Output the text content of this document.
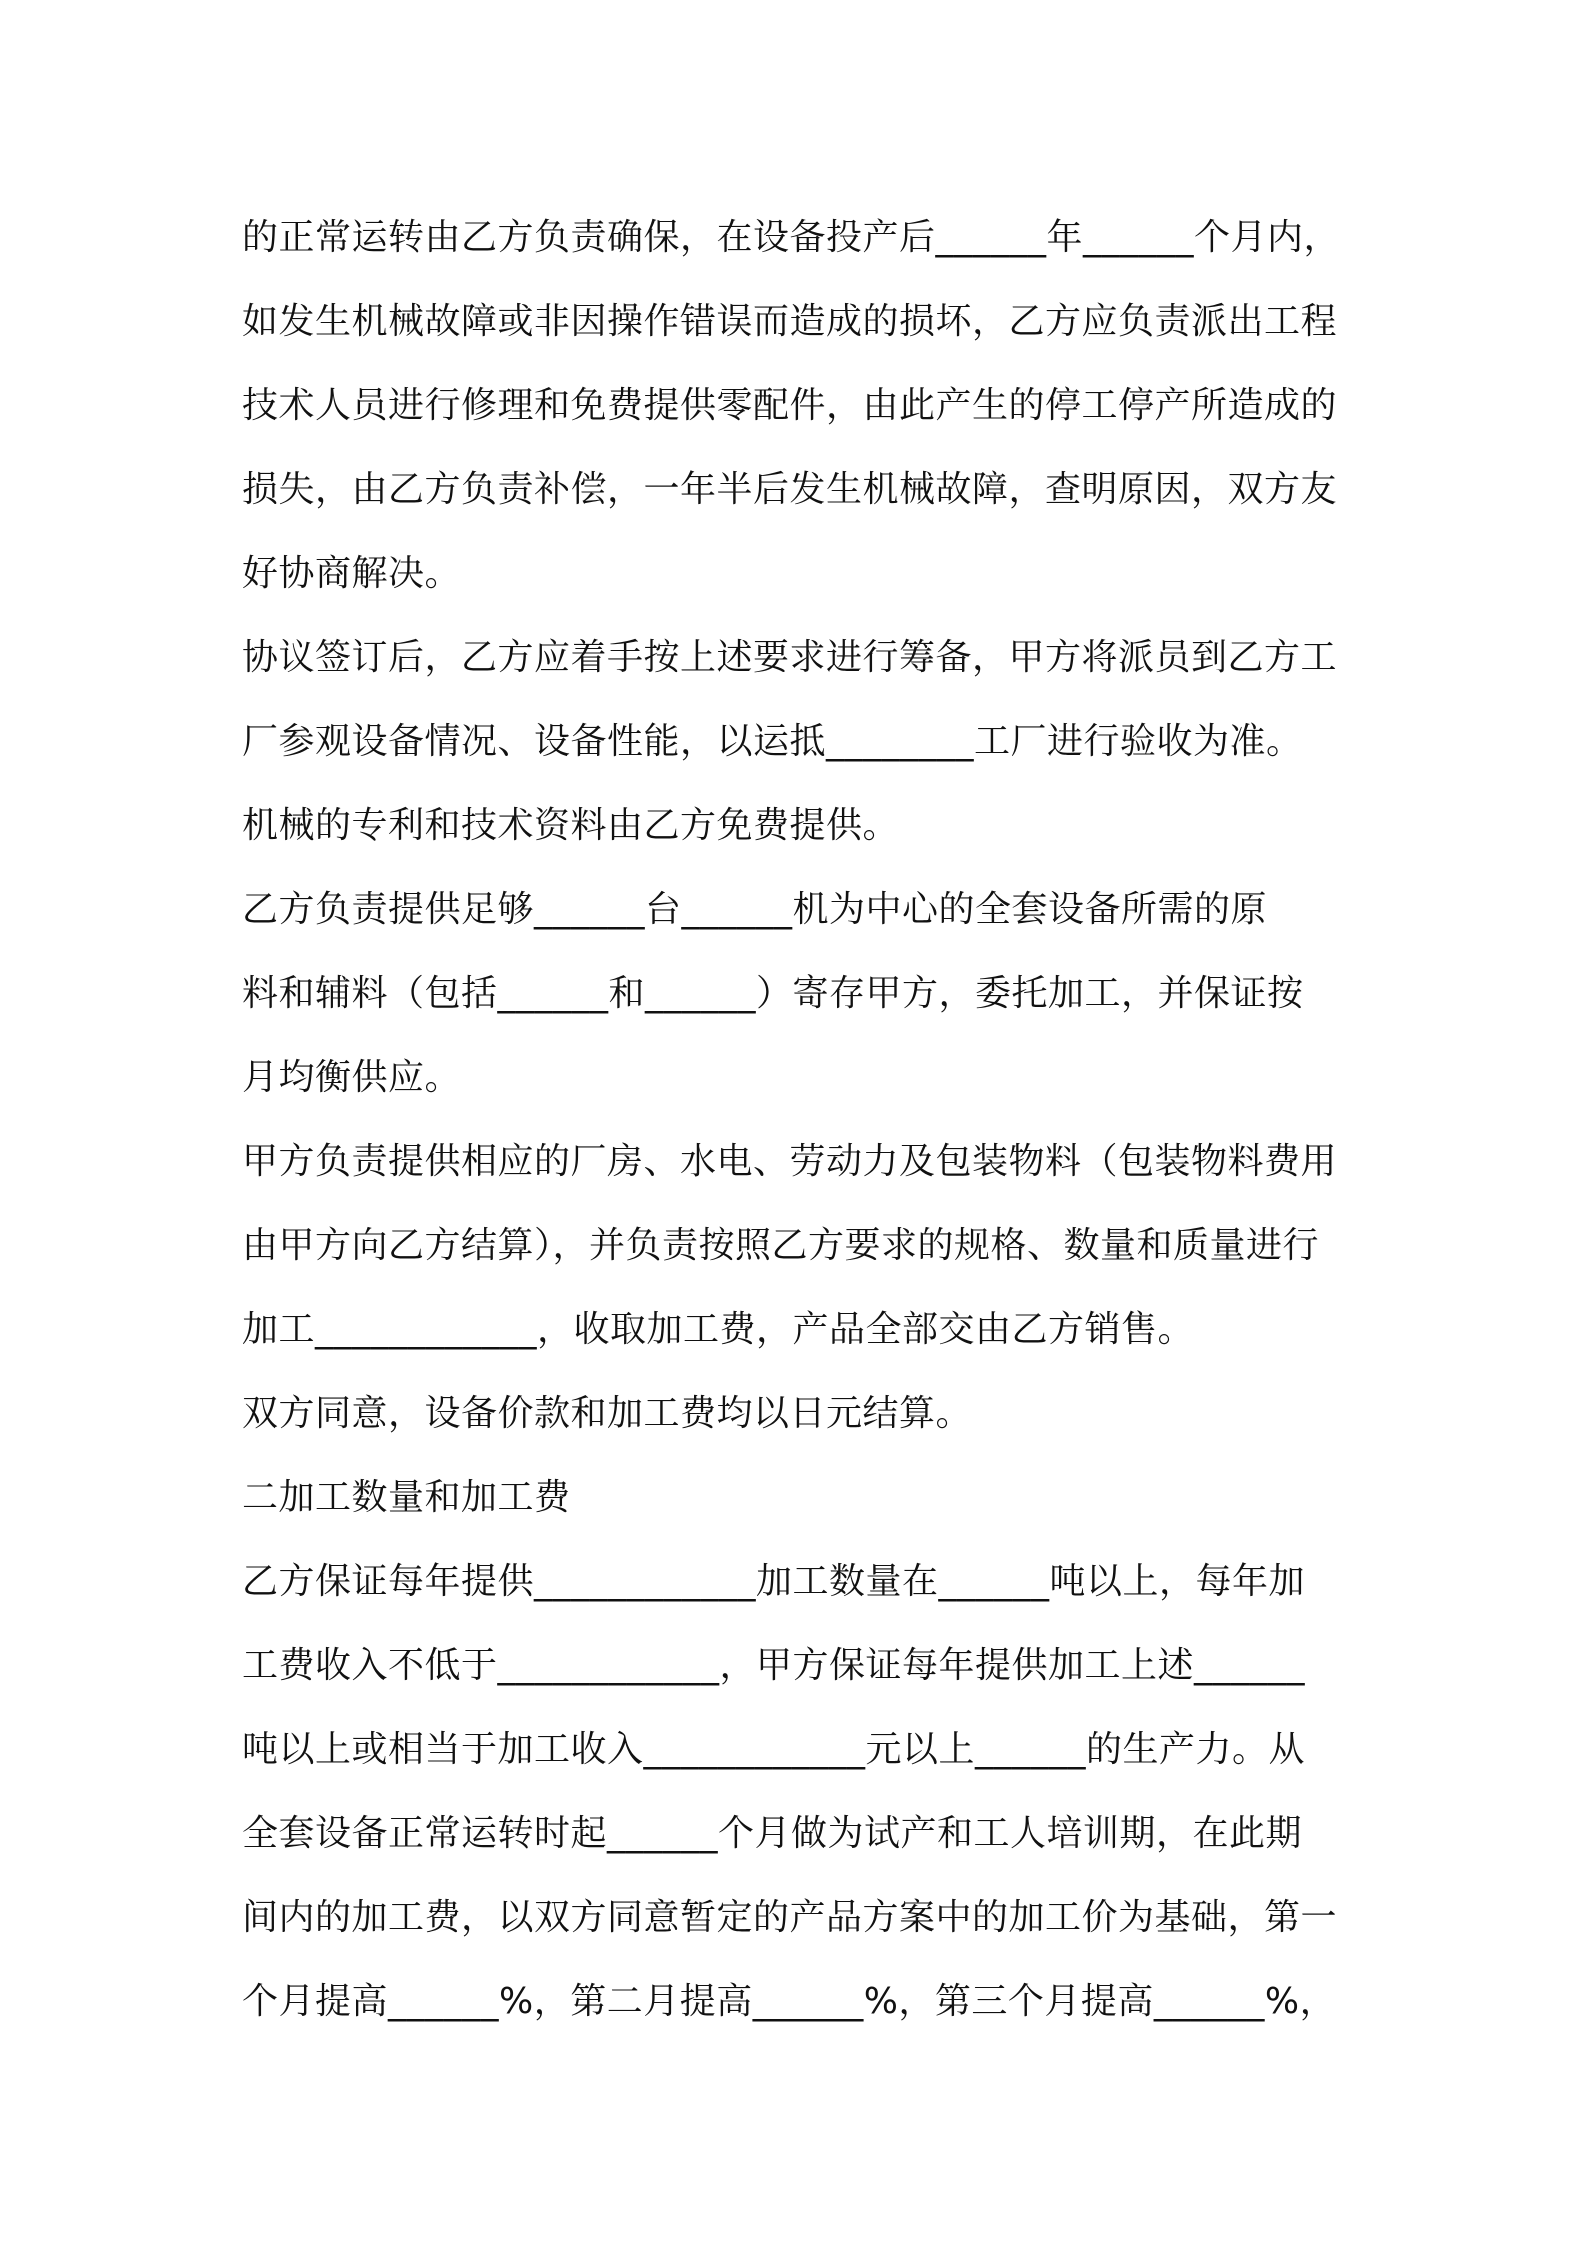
的正常运转由乙方负责确保，在设备投产后______年______个月内，
如发生机械故障或非因操作错误而造成的损坏，乙方应负责派出工程
技术人员进行修理和免费提供零配件，由此产生的停工停产所造成的
损失，由乙方负责补偿，一年半后发生机械故障，查明原因，双方友
好协商解决。
协议签订后，乙方应着手按上述要求进行筹备，甲方将派员到乙方工
厂参观设备情况、设备性能，以运抵________工厂进行验收为准。
机械的专利和技术资料由乙方免费提供。
乙方负责提供足够______台______机为中心的全套设备所需的原
料和辅料（包括______和______）寄存甲方，委托加工，并保证按
月均衡供应。
甲方负责提供相应的厂房、水电、劳动力及包装物料（包装物料费用
由甲方向乙方结算），并负责按照乙方要求的规格、数量和质量进行
加工____________，收取加工费，产品全部交由乙方销售。
双方同意，设备价款和加工费均以日元结算。
二加工数量和加工费
乙方保证每年提供____________加工数量在______吨以上，每年加
工费收入不低于____________，甲方保证每年提供加工上述______
吨以上或相当于加工收入____________元以上______的生产力。从
全套设备正常运转时起______个月做为试产和工人培训期，在此期
间内的加工费，以双方同意暂定的产品方案中的加工价为基础，第一
个月提高______%，第二月提高______%，第三个月提高______%，
